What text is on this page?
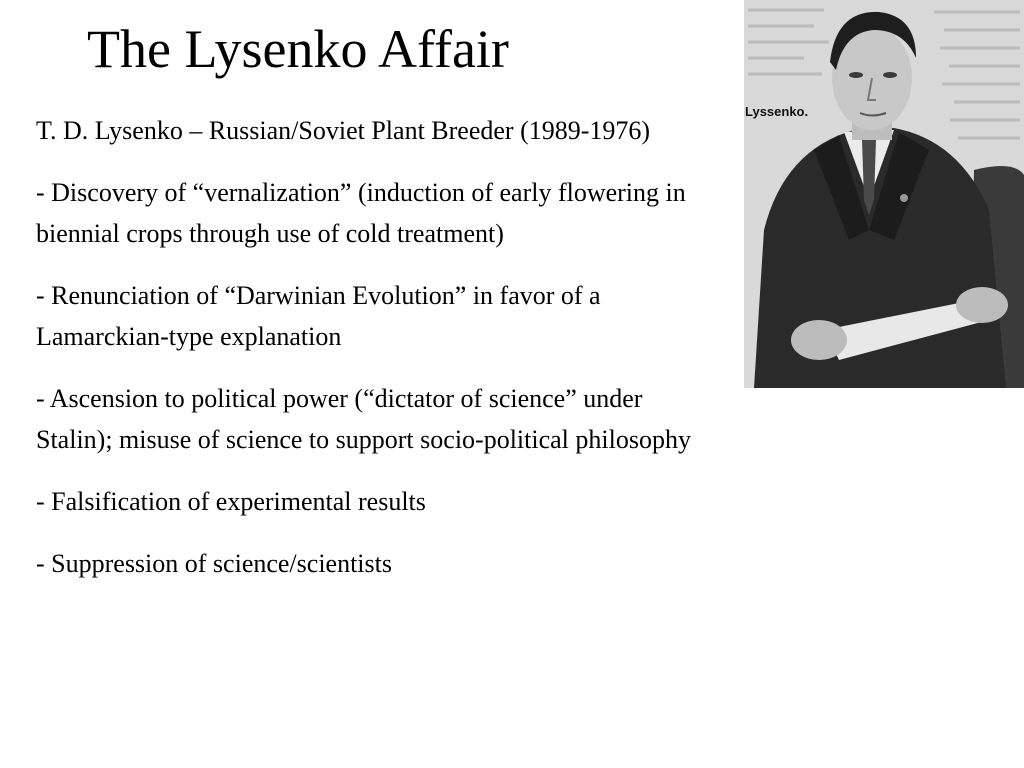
The Lysenko Affair

T. D. Lysenko – Russian/Soviet Plant Breeder (1989-1976)

- Discovery of “vernalization” (induction of early flowering in biennial crops through use of cold treatment)

- Renunciation of “Darwinian Evolution” in favor of a Lamarckian-type explanation

- Ascension to political power (“dictator of science” under Stalin); misuse of science to support socio-political philosophy

- Falsification of experimental results

- Suppression of science/scientists

Lyssenko.
